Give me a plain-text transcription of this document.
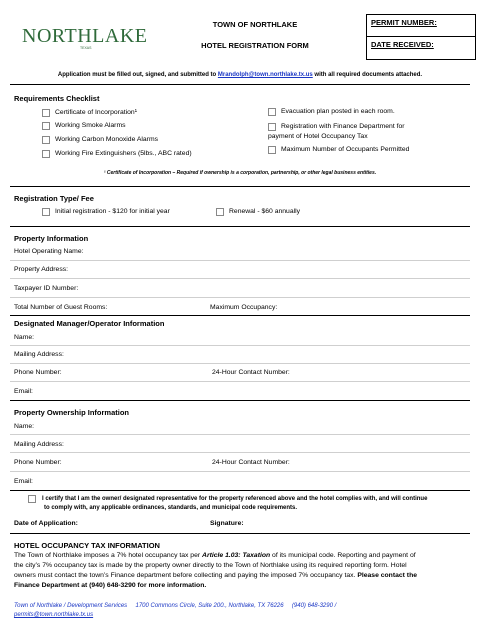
NORTHLAKE
TEXAS
TOWN OF NORTHLAKE
HOTEL REGISTRATION FORM
PERMIT NUMBER:
DATE RECEIVED:
Application must be filled out, signed, and submitted to Mrandolph@town.northlake.tx.us with all required documents attached.
Requirements Checklist
Certificate of Incorporation¹
Working Smoke Alarms
Working Carbon Monoxide Alarms
Working Fire Extinguishers (5lbs., ABC rated)
Evacuation plan posted in each room.
Registration with Finance Department for
payment of Hotel Occupancy Tax
Maximum Number of Occupants Permitted
¹ Certificate of Incorporation – Required if ownership is a corporation, partnership, or other legal business entities.
Registration Type/ Fee
Initial registration - $120 for initial year	Renewal - $60 annually
Property Information
Hotel Operating Name:
Property Address:
Taxpayer ID Number:
Total Number of Guest Rooms:	Maximum Occupancy:
Designated Manager/Operator Information
Name:
Mailing Address:
Phone Number:	24-Hour Contact Number:
Email:
Property Ownership Information
Name:
Mailing Address:
Phone Number:	24-Hour Contact Number:
Email:
I certify that I am the owner/ designated representative for the property referenced above and the hotel complies with, and will continue
to comply with, any applicable ordinances, standards, and municipal code requirements.
Date of Application:	Signature:
HOTEL OCCUPANCY TAX INFORMATION
The Town of Northlake imposes a 7% hotel occupancy tax per Article 1.03: Taxation of its municipal code. Reporting and payment of
the city’s 7% occupancy tax is made by the property owner directly to the Town of Northlake using its required reporting form. Hotel
owners must contact the town’s Finance department before collecting and paying the imposed 7% occupancy tax. Please contact the
Finance Department at (940) 648-3290 for more information.
Town of Northlake / Development Services     1700 Commons Circle, Suite 200., Northlake, TX 76226     (940) 648-3290 /
permits@town.northlake.tx.us
